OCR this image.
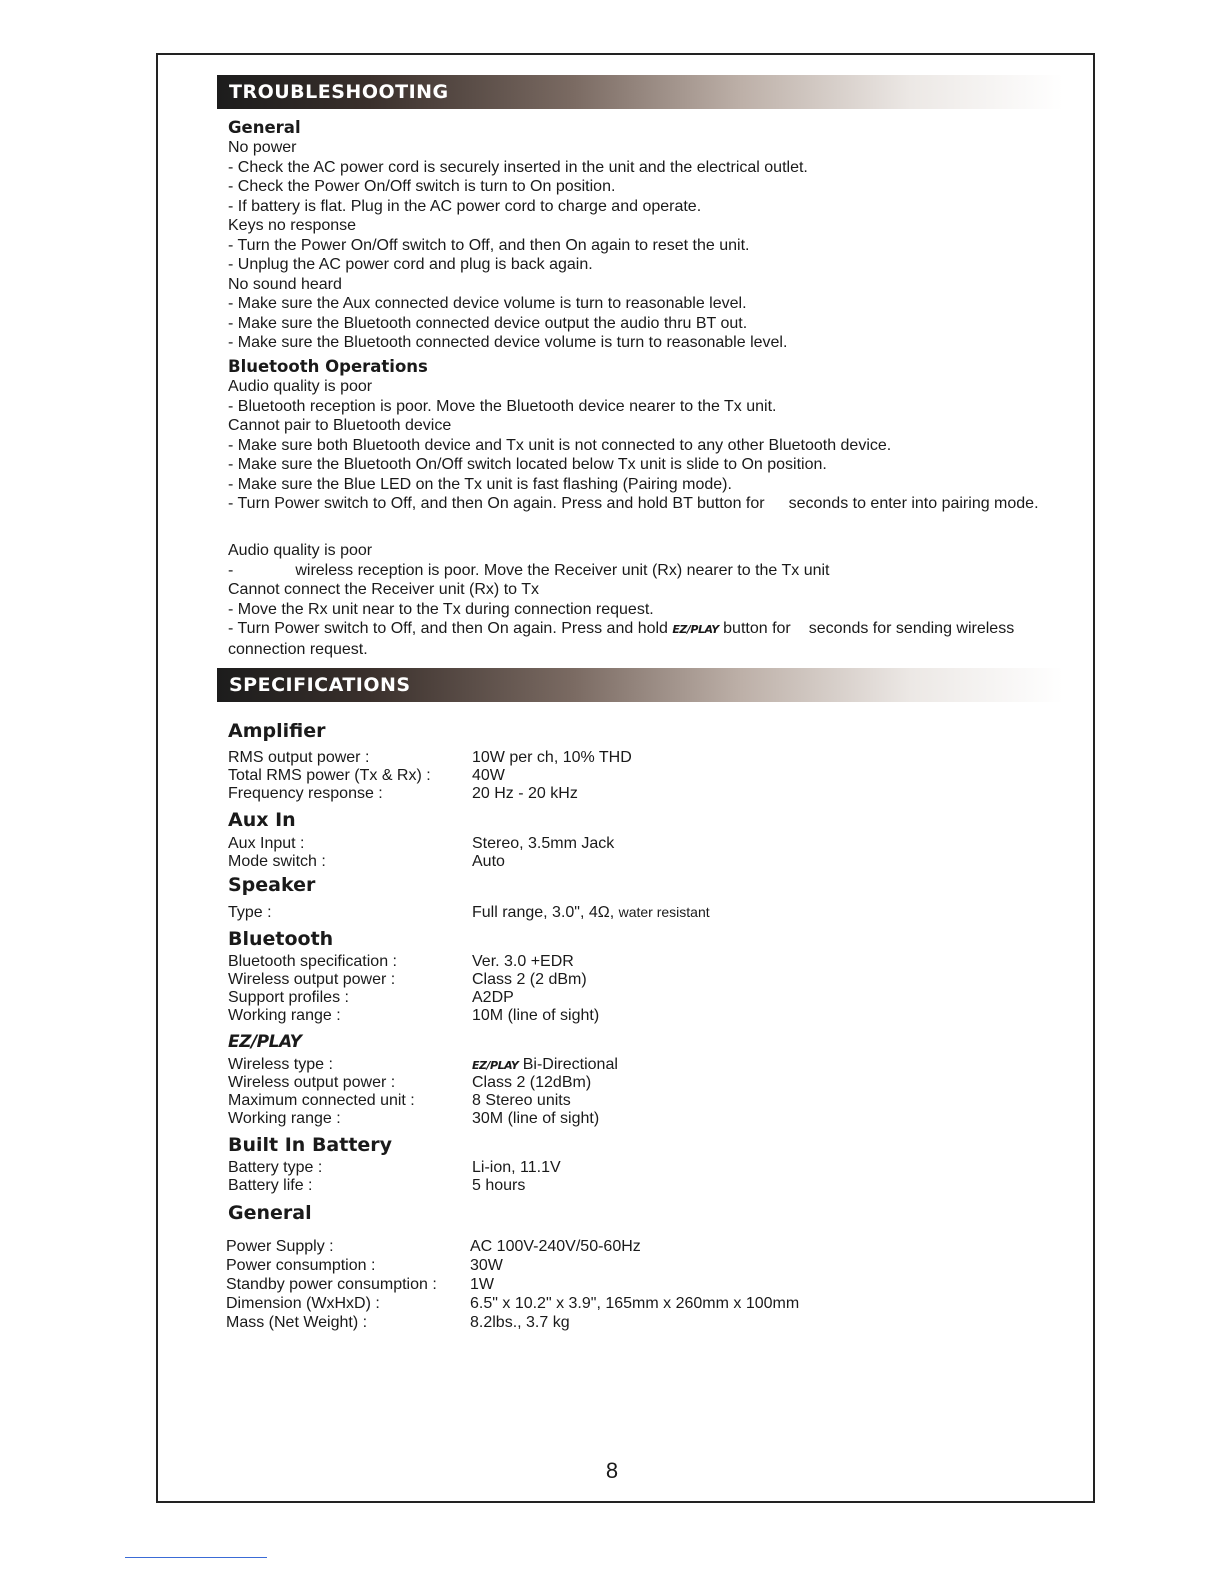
TROUBLESHOOTING
General
No power
- Check the AC power cord is securely inserted in the unit and the electrical outlet.
- Check the Power On/Off switch is turn to On position.
- If battery is flat. Plug in the AC power cord to charge and operate.
Keys no response
- Turn the Power On/Off switch to Off, and then On again to reset the unit.
- Unplug the AC power cord and plug is back again.
No sound heard
- Make sure the Aux connected device volume is turn to reasonable level.
- Make sure the Bluetooth connected device output the audio thru BT out.
- Make sure the Bluetooth connected device volume is turn to reasonable level.
Bluetooth Operations
Audio quality is poor
- Bluetooth reception is poor. Move the Bluetooth device nearer to the Tx unit.
Cannot pair to Bluetooth device
- Make sure both Bluetooth device and Tx unit is not connected to any other Bluetooth device.
- Make sure the Bluetooth On/Off switch located below Tx unit is slide to On position.
- Make sure the Blue LED on the Tx unit is fast flashing (Pairing mode).
- Turn Power switch to Off, and then On again. Press and hold BT button for seconds to enter into pairing mode.
Audio quality is poor
-	wireless reception is poor. Move the Receiver unit (Rx) nearer to the Tx unit
Cannot connect the Receiver unit (Rx) to Tx
- Move the Rx unit near to the Tx during connection request.
- Turn Power switch to Off, and then On again. Press and hold EZ/PLAY button for seconds for sending wireless
connection request.
SPECIFICATIONS
Amplifier
RMS output power :	10W per ch, 10% THD
Total RMS power (Tx & Rx) :	40W
Frequency response :	20 Hz - 20 kHz
Aux In
Aux Input :	Stereo, 3.5mm Jack
Mode switch :	Auto
Speaker
Type :	Full range, 3.0", 4Ω, water resistant
Bluetooth
Bluetooth specification :	Ver. 3.0 +EDR
Wireless output power :	Class 2 (2 dBm)
Support profiles :	A2DP
Working range :	10M (line of sight)
EZ/PLAY
Wireless type :	EZ/PLAY Bi-Directional
Wireless output power :	Class 2 (12dBm)
Maximum connected unit :	8 Stereo units
Working range :	30M (line of sight)
Built In Battery
Battery type :	Li-ion, 11.1V
Battery life :	5 hours
General
Power Supply :	AC 100V-240V/50-60Hz
Power consumption :	30W
Standby power consumption : 1W
Dimension (WxHxD) :	6.5" x 10.2" x 3.9", 165mm x 260mm x 100mm
Mass (Net Weight) :	8.2lbs., 3.7 kg
8
